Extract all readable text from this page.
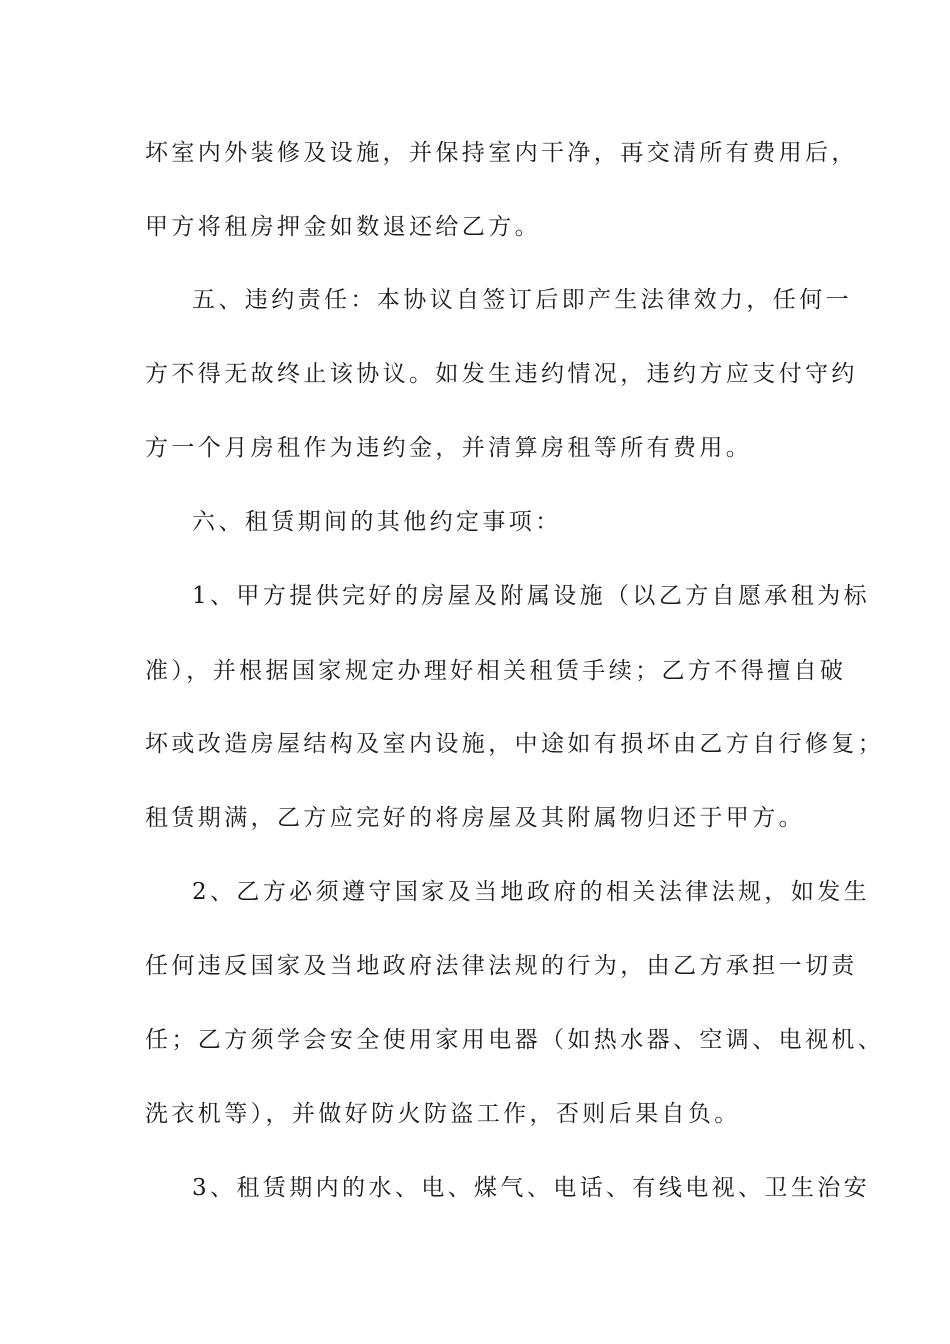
坏室内外装修及设施，并保持室内干净，再交清所有费用后，
甲方将租房押金如数退还给乙方。
五、违约责任：本协议自签订后即产生法律效力，任何一
方不得无故终止该协议。如发生违约情况，违约方应支付守约
方一个月房租作为违约金，并清算房租等所有费用。
六、租赁期间的其他约定事项：
1、甲方提供完好的房屋及附属设施（以乙方自愿承租为标
准），并根据国家规定办理好相关租赁手续；乙方不得擅自破
坏或改造房屋结构及室内设施，中途如有损坏由乙方自行修复；
租赁期满，乙方应完好的将房屋及其附属物归还于甲方。
2、乙方必须遵守国家及当地政府的相关法律法规，如发生
任何违反国家及当地政府法律法规的行为，由乙方承担一切责
任；乙方须学会安全使用家用电器（如热水器、空调、电视机、
洗衣机等），并做好防火防盗工作，否则后果自负。
3、租赁期内的水、电、煤气、电话、有线电视、卫生治安
